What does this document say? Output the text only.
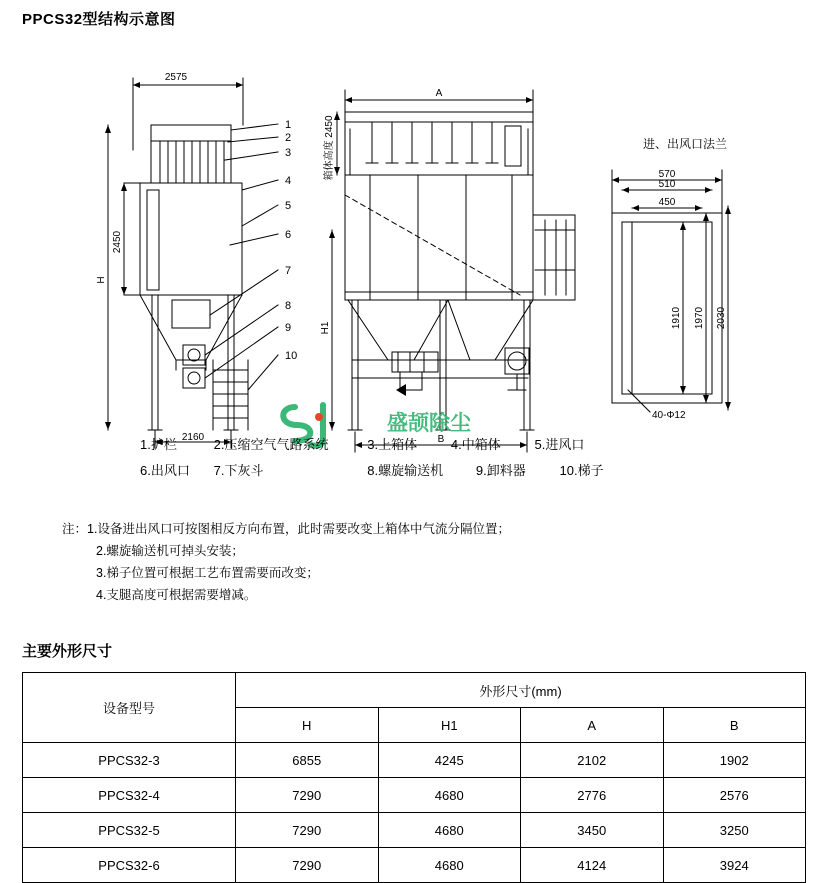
PPCS32型结构示意图
2575
H
2450
2160
A
箱体高度 2450
H1
B
进、出风口法兰
570
510
450
1910 1970 2030
40-Φ12
1
2
3
4
5
6
7
8
9
10
盛颉除尘
1.护栏	2.压缩空气气路系统	3.上箱体	4.中箱体	5.进风口
6.出风口 7.下灰斗	8.螺旋输送机	9.卸料器	10.梯子
注：1.设备进出风口可按图相反方向布置，此时需要改变上箱体中气流分隔位置；
2.螺旋输送机可掉头安装；
3.梯子位置可根据工艺布置需要而改变；
4.支腿高度可根据需要增减。
主要外形尺寸
设备型号	外形尺寸(mm)			
	H	H1	A	B
PPCS32-3	6855	4245	2102	1902
PPCS32-4	7290	4680	2776	2576
PPCS32-5	7290	4680	3450	3250
PPCS32-6	7290	4680	4124	3924
